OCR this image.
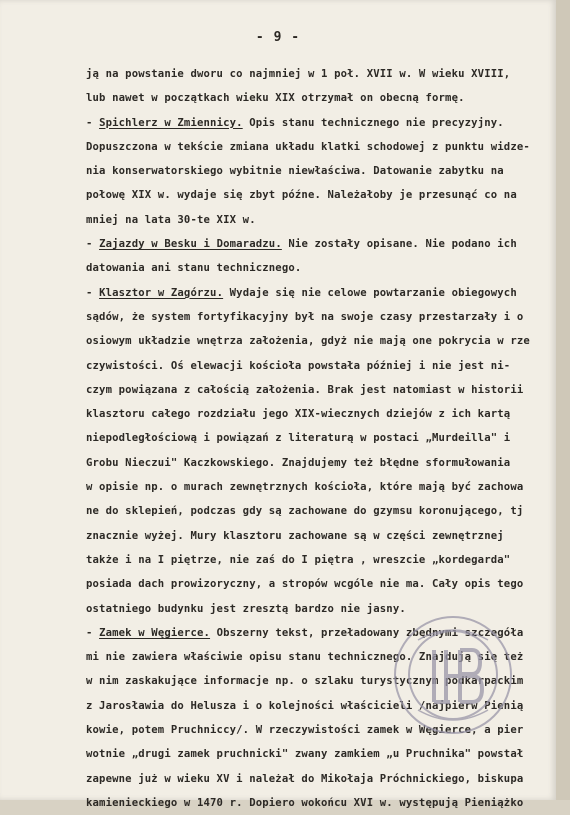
- 9 -
ją na powstanie dworu co najmniej w 1 poł. XVII w. W wieku XVIII,
lub nawet w początkach wieku XIX otrzymał on obecną formę.
- Spichlerz w Zmiennicy. Opis stanu technicznego nie precyzyjny.
Dopuszczona w tekście zmiana układu klatki schodowej z punktu widze-
nia konserwatorskiego wybitnie niewłaściwa. Datowanie zabytku na
połowę XIX w. wydaje się zbyt późne. Należałoby je przesunąć co na
mniej na lata 30-te XIX w.
- Zajazdy w Besku i Domaradzu. Nie zostały opisane. Nie podano ich
datowania ani stanu technicznego.
- Klasztor w Zagórzu. Wydaje się nie celowe powtarzanie obiegowych
sądów, że system fortyfikacyjny był na swoje czasy przestarzały i o
osiowym układzie wnętrza założenia, gdyż nie mają one pokrycia w rze
czywistości. Oś elewacji kościoła powstała później i nie jest ni-
czym powiązana z całością założenia. Brak jest natomiast w historii
klasztoru całego rozdziału jego XIX-wiecznych dziejów z ich kartą
niepodległościową i powiązań z literaturą w postaci „Murdeilla" i
Grobu Nieczui" Kaczkowskiego. Znajdujemy też błędne sformułowania
w opisie np. o murach zewnętrznych kościoła, które mają być zachowa
ne do sklepień, podczas gdy są zachowane do gzymsu koronującego, tj
znacznie wyżej. Mury klasztoru zachowane są w części zewnętrznej
także i na I piętrze, nie zaś do I piętra , wreszcie „kordegarda"
posiada dach prowizoryczny, a stropów wcgóle nie ma. Cały opis tego
ostatniego budynku jest zresztą bardzo nie jasny.
- Zamek w Węgierce. Obszerny tekst, przeładowany zbędnymi szczegóła
mi nie zawiera właściwie opisu stanu technicznego. Znajdują się też
w nim zaskakujące informacje np. o szlaku turystycznym podkarpackim
z Jarosławia do Helusza i o kolejności właścicieli /najpierw Pienią
kowie, potem Pruchniccy/. W rzeczywistości zamek w Węgierce, a pier
wotnie „drugi zamek pruchnicki" zwany zamkiem „u Pruchnika" powstał
zapewne już w wieku XV i należał do Mikołaja Próchnickiego, biskupa
kamienieckiego w 1470 r. Dopiero wokońcu XVI w. występują Pieniążko
